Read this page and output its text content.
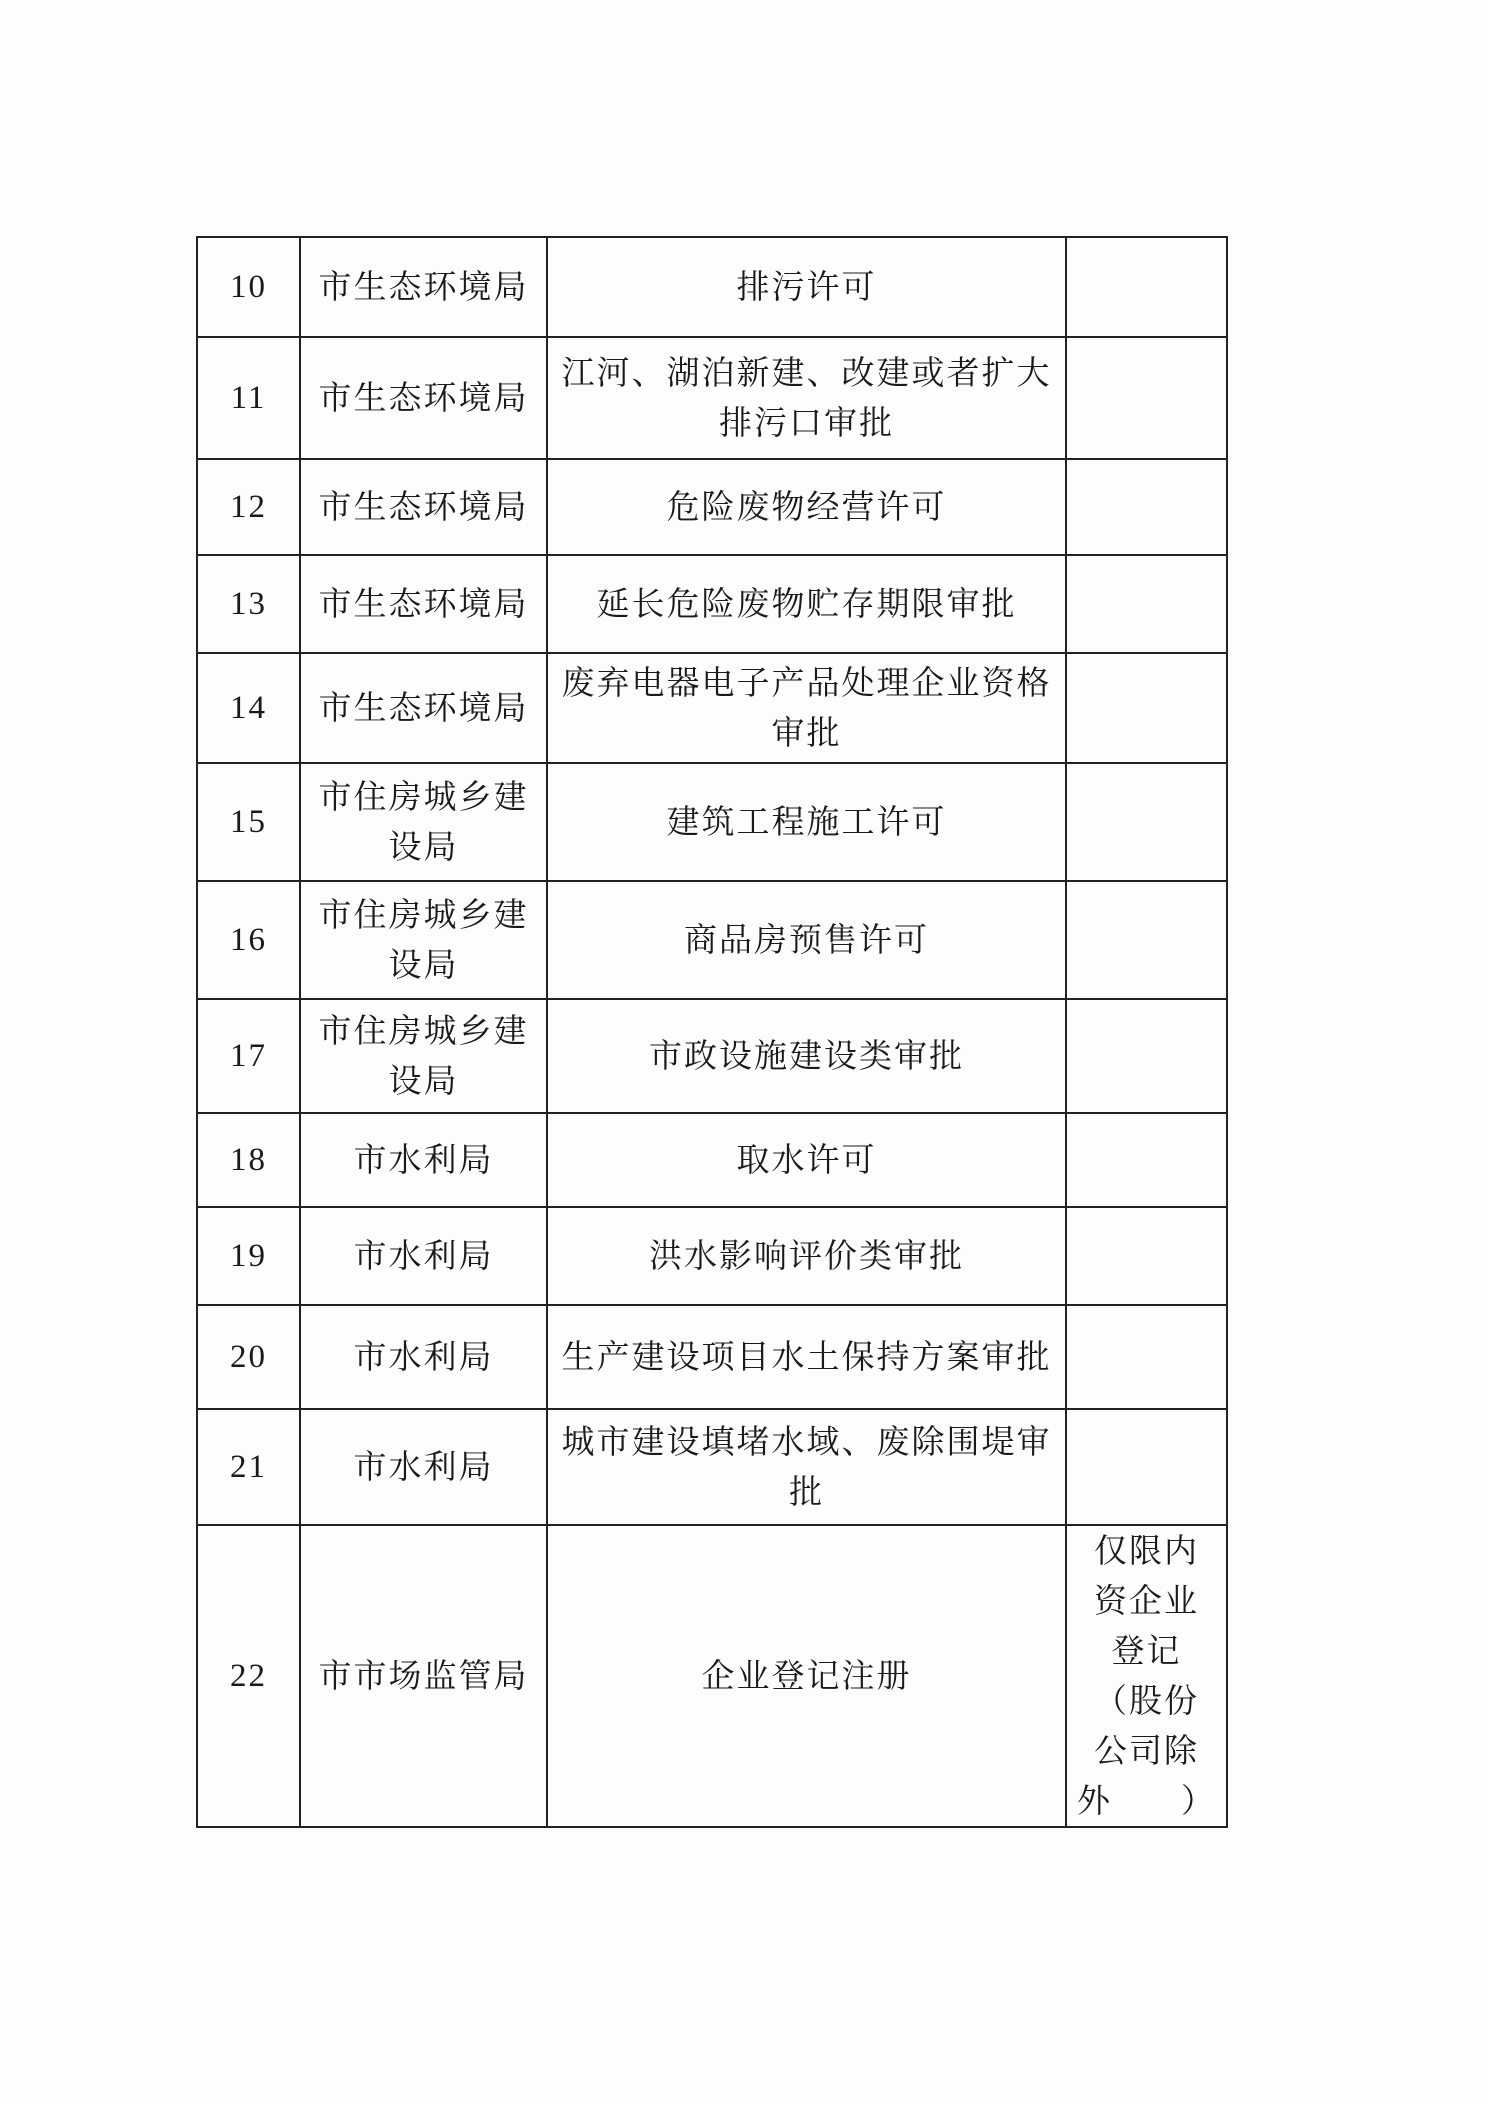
10	市生态环境局	排污许可	
11	市生态环境局	江河、湖泊新建、改建或者扩大排污口审批	
12	市生态环境局	危险废物经营许可	
13	市生态环境局	延长危险废物贮存期限审批	
14	市生态环境局	废弃电器电子产品处理企业资格审批	
15	市住房城乡建设局	建筑工程施工许可	
16	市住房城乡建设局	商品房预售许可	
17	市住房城乡建设局	市政设施建设类审批	
18	市水利局	取水许可	
19	市水利局	洪水影响评价类审批	
20	市水利局	生产建设项目水土保持方案审批	
21	市水利局	城市建设填堵水域、废除围堤审批	
22	市市场监管局	企业登记注册	仅限内资企业登记（股份公司除外）
